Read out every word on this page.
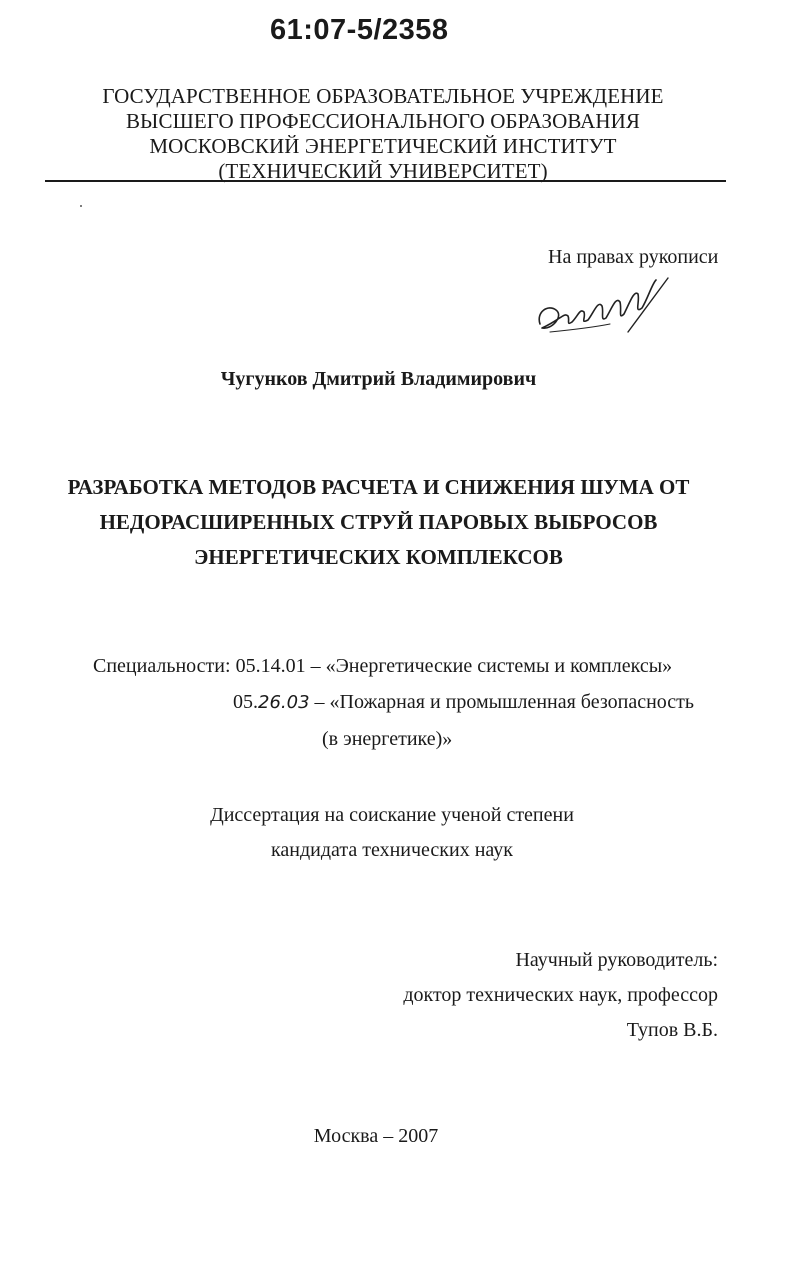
61:07-5/2358
ГОСУДАРСТВЕННОЕ ОБРАЗОВАТЕЛЬНОЕ УЧРЕЖДЕНИЕ
ВЫСШЕГО ПРОФЕССИОНАЛЬНОГО ОБРАЗОВАНИЯ
МОСКОВСКИЙ ЭНЕРГЕТИЧЕСКИЙ ИНСТИТУТ
(ТЕХНИЧЕСКИЙ УНИВЕРСИТЕТ)
На правах рукописи
Чугунков Дмитрий Владимирович
РАЗРАБОТКА МЕТОДОВ РАСЧЕТА И СНИЖЕНИЯ ШУМА ОТ
НЕДОРАСШИРЕННЫХ СТРУЙ ПАРОВЫХ ВЫБРОСОВ
ЭНЕРГЕТИЧЕСКИХ КОМПЛЕКСОВ
Специальности: 05.14.01 – «Энергетические системы и комплексы»
05.26.03 – «Пожарная и промышленная безопасность
(в энергетике)»
Диссертация на соискание ученой степени
кандидата технических наук
Научный руководитель:
доктор технических наук, профессор
Тупов В.Б.
Москва – 2007
